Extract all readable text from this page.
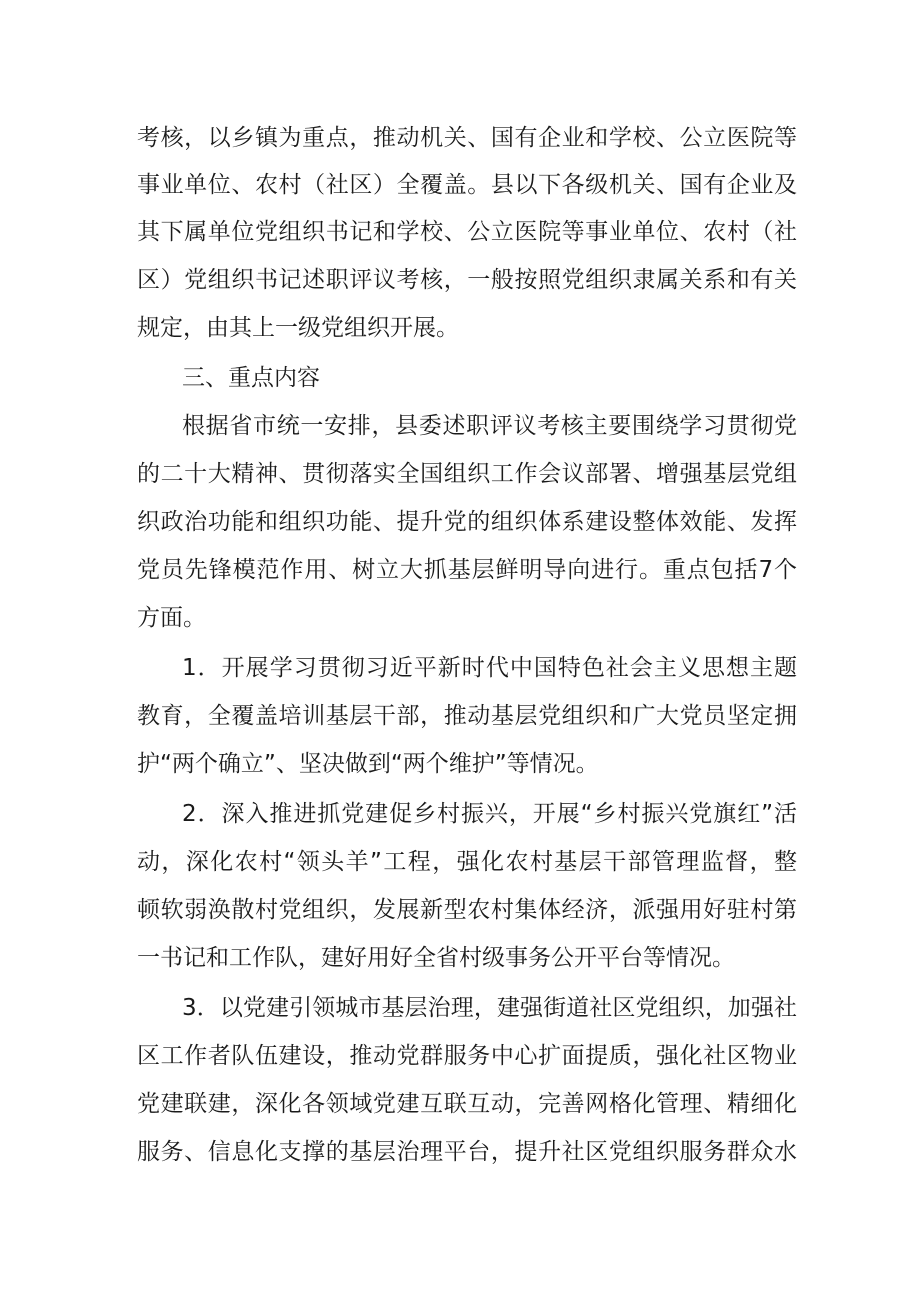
考核，以乡镇为重点，推动机关、国有企业和学校、公立医院等
事业单位、农村（社区）全覆盖。县以下各级机关、国有企业及
其下属单位党组织书记和学校、公立医院等事业单位、农村（社
区）党组织书记述职评议考核，一般按照党组织隶属关系和有关
规定，由其上一级党组织开展。
三、重点内容
根据省市统一安排，县委述职评议考核主要围绕学习贯彻党
的二十大精神、贯彻落实全国组织工作会议部署、增强基层党组
织政治功能和组织功能、提升党的组织体系建设整体效能、发挥
党员先锋模范作用、树立大抓基层鲜明导向进行。重点包括7个
方面。
1．开展学习贯彻习近平新时代中国特色社会主义思想主题
教育，全覆盖培训基层干部，推动基层党组织和广大党员坚定拥
护“两个确立”、坚决做到“两个维护”等情况。
2．深入推进抓党建促乡村振兴，开展“乡村振兴党旗红”活
动，深化农村“领头羊”工程，强化农村基层干部管理监督，整
顿软弱涣散村党组织，发展新型农村集体经济，派强用好驻村第
一书记和工作队，建好用好全省村级事务公开平台等情况。
3．以党建引领城市基层治理，建强街道社区党组织，加强社
区工作者队伍建设，推动党群服务中心扩面提质，强化社区物业
党建联建，深化各领域党建互联互动，完善网格化管理、精细化
服务、信息化支撑的基层治理平台，提升社区党组织服务群众水
